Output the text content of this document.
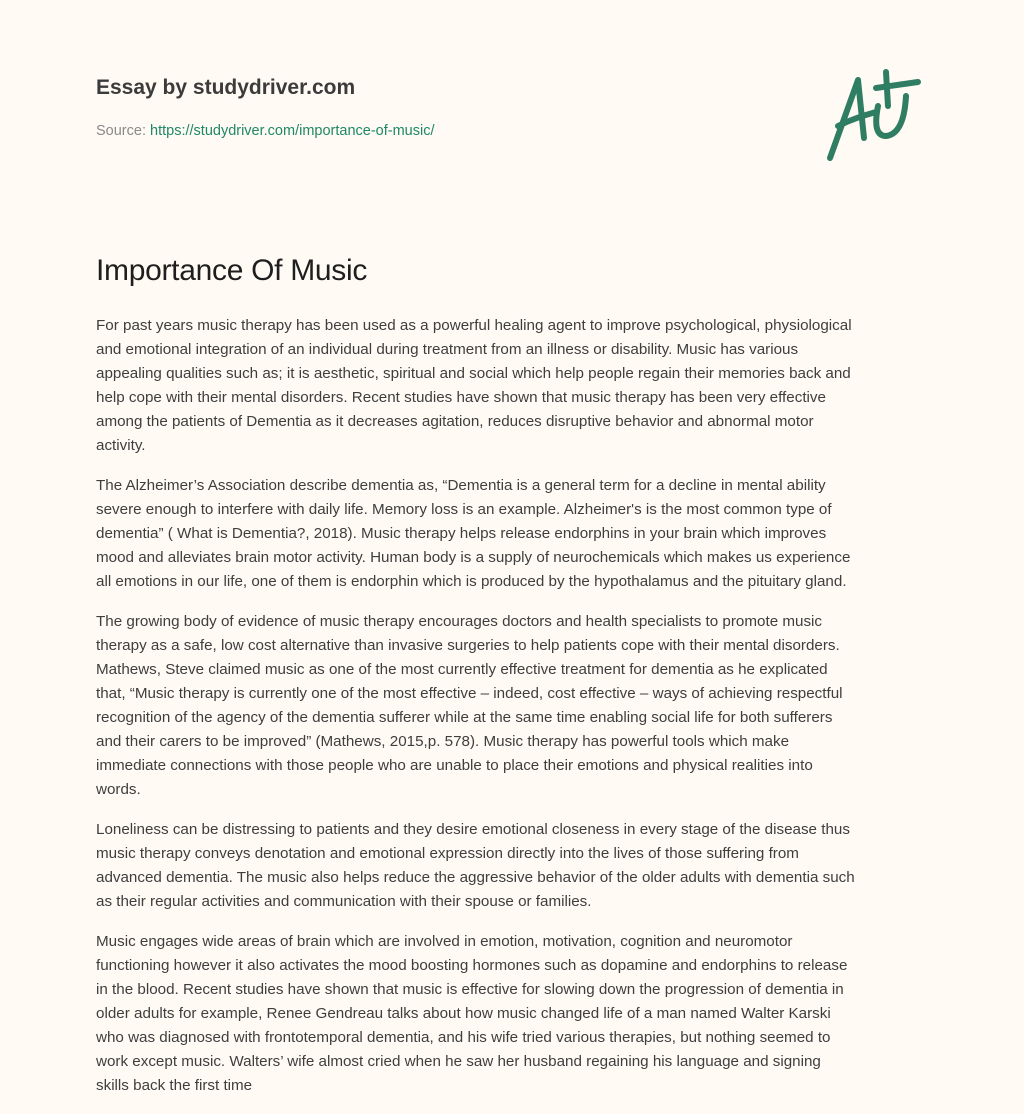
Essay by studydriver.com

Source: https://studydriver.com/importance-of-music/

Importance Of Music

For past years music therapy has been used as a powerful healing agent to improve psychological, physiological
and emotional integration of an individual during treatment from an illness or disability. Music has various
appealing qualities such as; it is aesthetic, spiritual and social which help people regain their memories back and
help cope with their mental disorders. Recent studies have shown that music therapy has been very effective
among the patients of Dementia as it decreases agitation, reduces disruptive behavior and abnormal motor
activity.

The Alzheimer’s Association describe dementia as, “Dementia is a general term for a decline in mental ability
severe enough to interfere with daily life. Memory loss is an example. Alzheimer's is the most common type of
dementia” ( What is Dementia?, 2018). Music therapy helps release endorphins in your brain which improves
mood and alleviates brain motor activity. Human body is a supply of neurochemicals which makes us experience
all emotions in our life, one of them is endorphin which is produced by the hypothalamus and the pituitary gland.

The growing body of evidence of music therapy encourages doctors and health specialists to promote music
therapy as a safe, low cost alternative than invasive surgeries to help patients cope with their mental disorders.
Mathews, Steve claimed music as one of the most currently effective treatment for dementia as he explicated
that, “Music therapy is currently one of the most effective – indeed, cost effective – ways of achieving respectful
recognition of the agency of the dementia sufferer while at the same time enabling social life for both sufferers
and their carers to be improved” (Mathews, 2015,p. 578). Music therapy has powerful tools which make
immediate connections with those people who are unable to place their emotions and physical realities into
words.

Loneliness can be distressing to patients and they desire emotional closeness in every stage of the disease thus
music therapy conveys denotation and emotional expression directly into the lives of those suffering from
advanced dementia. The music also helps reduce the aggressive behavior of the older adults with dementia such
as their regular activities and communication with their spouse or families.

Music engages wide areas of brain which are involved in emotion, motivation, cognition and neuromotor
functioning however it also activates the mood boosting hormones such as dopamine and endorphins to release
in the blood. Recent studies have shown that music is effective for slowing down the progression of dementia in
older adults for example, Renee Gendreau talks about how music changed life of a man named Walter Karski
who was diagnosed with frontotemporal dementia, and his wife tried various therapies, but nothing seemed to
work except music. Walters’ wife almost cried when he saw her husband regaining his language and signing
skills back the first time
